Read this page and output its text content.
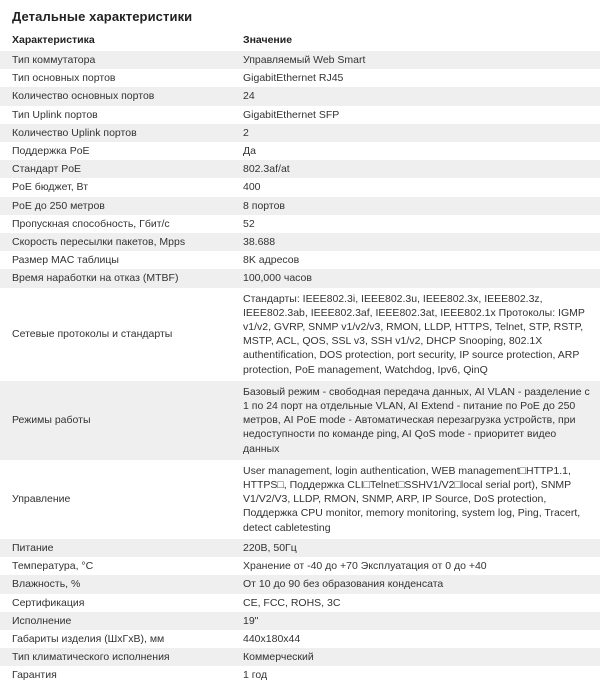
Детальные характеристики
Характеристика	Значение
Тип коммутатора	Управляемый Web Smart
Тип основных портов	GigabitEthernet RJ45
Количество основных портов	24
Тип Uplink портов	GigabitEthernet SFP
Количество Uplink портов	2
Поддержка PoE	Да
Стандарт PoE	802.3af/at
PoE бюджет, Вт	400
PoE до 250 метров	8 портов
Пропускная способность, Гбит/с	52
Скорость пересылки пакетов, Mpps	38.688
Размер MAC таблицы	8K адресов
Время наработки на отказ (MTBF)	100,000 часов
Сетевые протоколы и стандарты	Стандарты: IEEE802.3i, IEEE802.3u, IEEE802.3x, IEEE802.3z, IEEE802.3ab, IEEE802.3af, IEEE802.3at, IEEE802.1x Протоколы: IGMP v1/v2, GVRP, SNMP v1/v2/v3, RMON, LLDP, HTTPS, Telnet, STP, RSTP, MSTP, ACL, QOS, SSL v3, SSH v1/v2, DHCP Snooping, 802.1X authentification, DOS protection, port security, IP source protection, ARP protection, PoE management, Watchdog, Ipv6, QinQ
Режимы работы	Базовый режим - свободная передача данных, AI VLAN - разделение с 1 по 24 порт на отдельные VLAN, AI Extend - питание по PoE до 250 метров, AI PoE mode - Автоматическая перезагрузка устройств, при недоступности по команде ping, AI QoS mode - приоритет видео данных
Управление	User management, login authentication, WEB management□HTTP1.1, HTTPS□, Поддержка CLI□Telnet□SSHV1/V2□local serial port), SNMP V1/V2/V3, LLDP, RMON, SNMP, ARP, IP Source, DoS protection, Поддержка CPU monitor, memory monitoring, system log, Ping, Tracert, detect cabletesting
Питание	220В, 50Гц
Температура, °C	Хранение от -40 до +70 Эксплуатация от 0 до +40
Влажность, %	От 10 до 90 без образования конденсата
Сертификация	CE, FCC, ROHS, 3C
Исполнение	19"
Габариты изделия (ШхГхВ), мм	440x180x44
Тип климатического исполнения	Коммерческий
Гарантия	1 год
